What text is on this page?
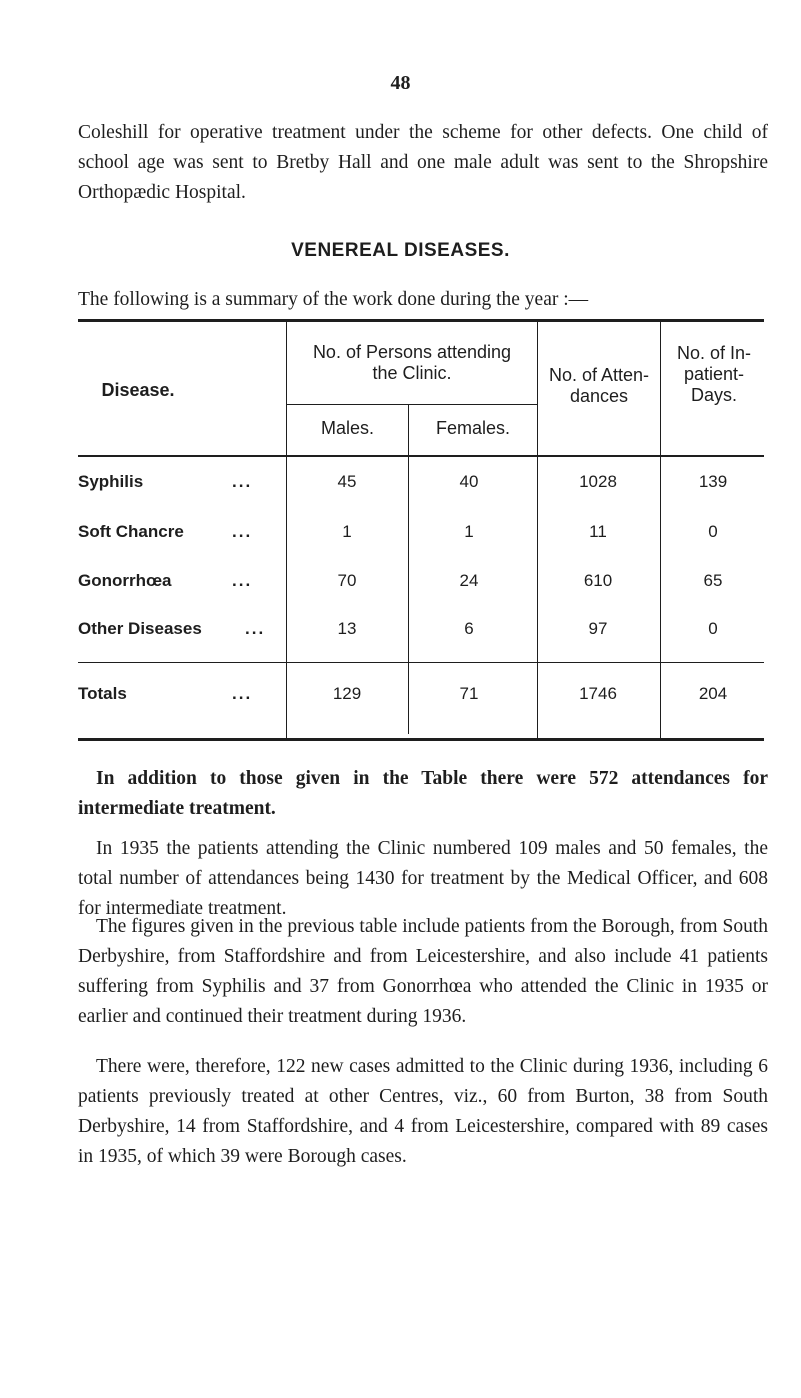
48

Coleshill for operative treatment under the scheme for other defects. One child of school age was sent to Bretby Hall and one male adult was sent to the Shropshire Orthopædic Hospital.

VENEREAL DISEASES.

The following is a summary of the work done during the year :—

Disease.
No. of Persons attending the Clinic.
Males.	Females.
No. of Atten- dances
No. of In-patient- Days.
Syphilis	...	45	40	1028	139
Soft Chancre	...	1	1	11	0
Gonorrhœa	...	70	24	610	65
Other Diseases	...	13	6	97	0
Totals	...	129	71	1746	204

In addition to those given in the Table there were 572 attendances for intermediate treatment.

In 1935 the patients attending the Clinic numbered 109 males and 50 females, the total number of attendances being 1430 for treatment by the Medical Officer, and 608 for intermediate treatment.

The figures given in the previous table include patients from the Borough, from South Derbyshire, from Staffordshire and from Leicestershire, and also include 41 patients suffering from Syphilis and 37 from Gonorrhœa who attended the Clinic in 1935 or earlier and continued their treatment during 1936.

There were, therefore, 122 new cases admitted to the Clinic during 1936, including 6 patients previously treated at other Centres, viz., 60 from Burton, 38 from South Derbyshire, 14 from Staffordshire, and 4 from Leicestershire, compared with 89 cases in 1935, of which 39 were Borough cases.
